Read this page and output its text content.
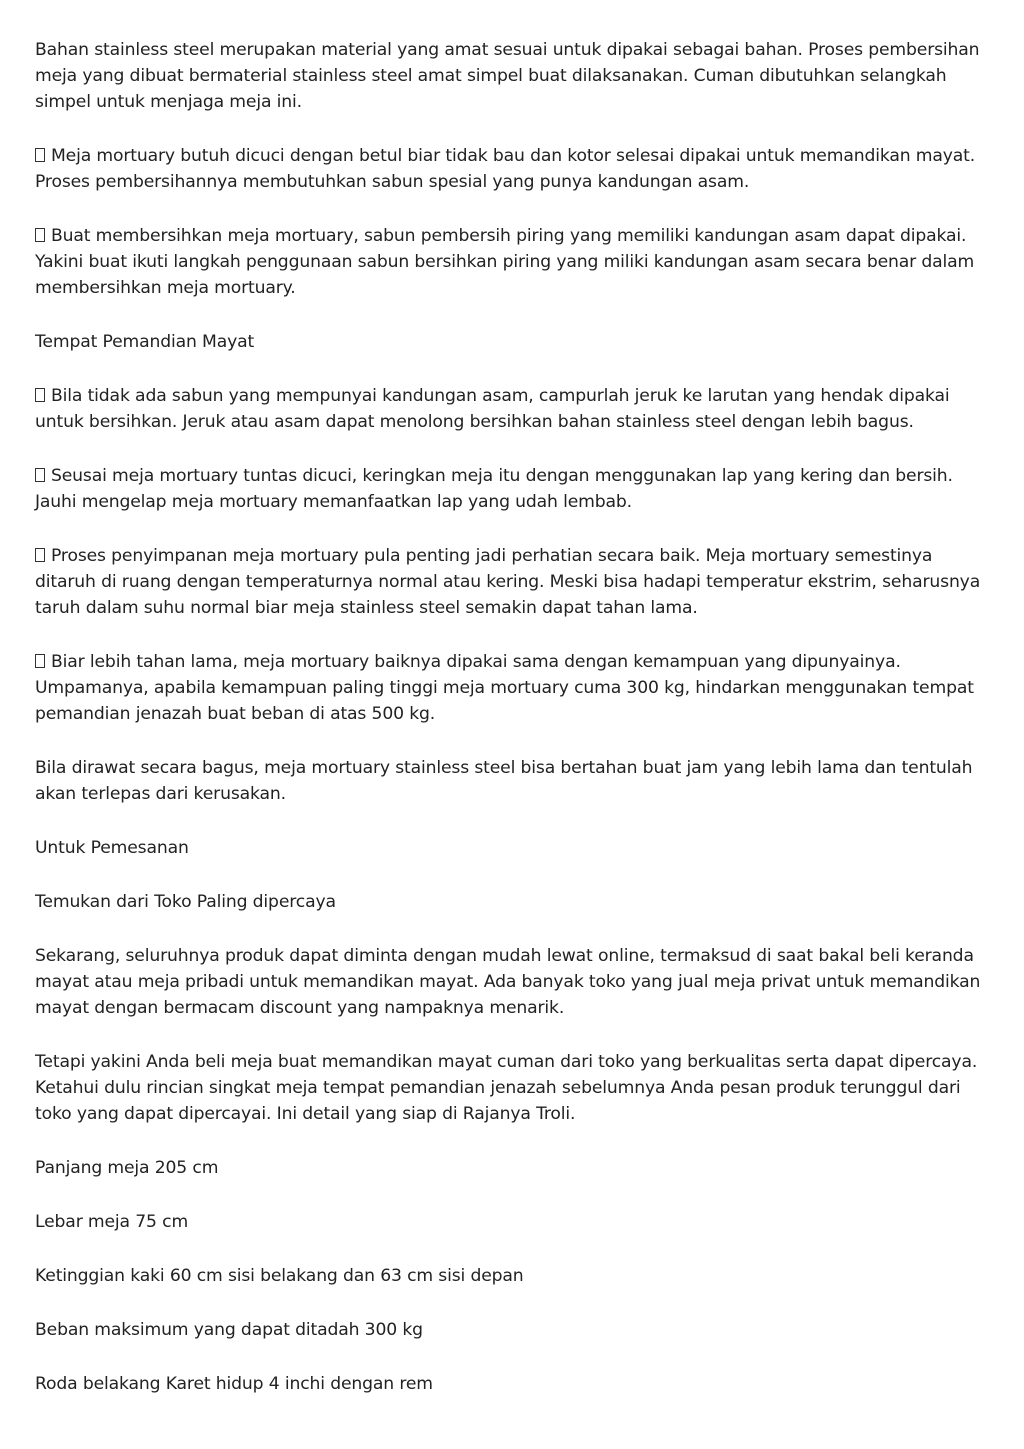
Bahan stainless steel merupakan material yang amat sesuai untuk dipakai sebagai bahan. Proses pembersihan meja yang dibuat bermaterial stainless steel amat simpel buat dilaksanakan. Cuman dibutuhkan selangkah simpel untuk menjaga meja ini.

Meja mortuary butuh dicuci dengan betul biar tidak bau dan kotor selesai dipakai untuk memandikan mayat. Proses pembersihannya membutuhkan sabun spesial yang punya kandungan asam.

Buat membersihkan meja mortuary, sabun pembersih piring yang memiliki kandungan asam dapat dipakai. Yakini buat ikuti langkah penggunaan sabun bersihkan piring yang miliki kandungan asam secara benar dalam membersihkan meja mortuary.

Tempat Pemandian Mayat

Bila tidak ada sabun yang mempunyai kandungan asam, campurlah jeruk ke larutan yang hendak dipakai untuk bersihkan. Jeruk atau asam dapat menolong bersihkan bahan stainless steel dengan lebih bagus.

Seusai meja mortuary tuntas dicuci, keringkan meja itu dengan menggunakan lap yang kering dan bersih. Jauhi mengelap meja mortuary memanfaatkan lap yang udah lembab.

Proses penyimpanan meja mortuary pula penting jadi perhatian secara baik. Meja mortuary semestinya ditaruh di ruang dengan temperaturnya normal atau kering. Meski bisa hadapi temperatur ekstrim, seharusnya taruh dalam suhu normal biar meja stainless steel semakin dapat tahan lama.

Biar lebih tahan lama, meja mortuary baiknya dipakai sama dengan kemampuan yang dipunyainya. Umpamanya, apabila kemampuan paling tinggi meja mortuary cuma 300 kg, hindarkan menggunakan tempat pemandian jenazah buat beban di atas 500 kg.

Bila dirawat secara bagus, meja mortuary stainless steel bisa bertahan buat jam yang lebih lama dan tentulah akan terlepas dari kerusakan.

Untuk Pemesanan

Temukan dari Toko Paling dipercaya

Sekarang, seluruhnya produk dapat diminta dengan mudah lewat online, termaksud di saat bakal beli keranda mayat atau meja pribadi untuk memandikan mayat. Ada banyak toko yang jual meja privat untuk memandikan mayat dengan bermacam discount yang nampaknya menarik.

Tetapi yakini Anda beli meja buat memandikan mayat cuman dari toko yang berkualitas serta dapat dipercaya. Ketahui dulu rincian singkat meja tempat pemandian jenazah sebelumnya Anda pesan produk terunggul dari toko yang dapat dipercayai. Ini detail yang siap di Rajanya Troli.

Panjang meja 205 cm

Lebar meja 75 cm

Ketinggian kaki 60 cm sisi belakang dan 63 cm sisi depan

Beban maksimum yang dapat ditadah 300 kg

Roda belakang Karet hidup 4 inchi dengan rem
